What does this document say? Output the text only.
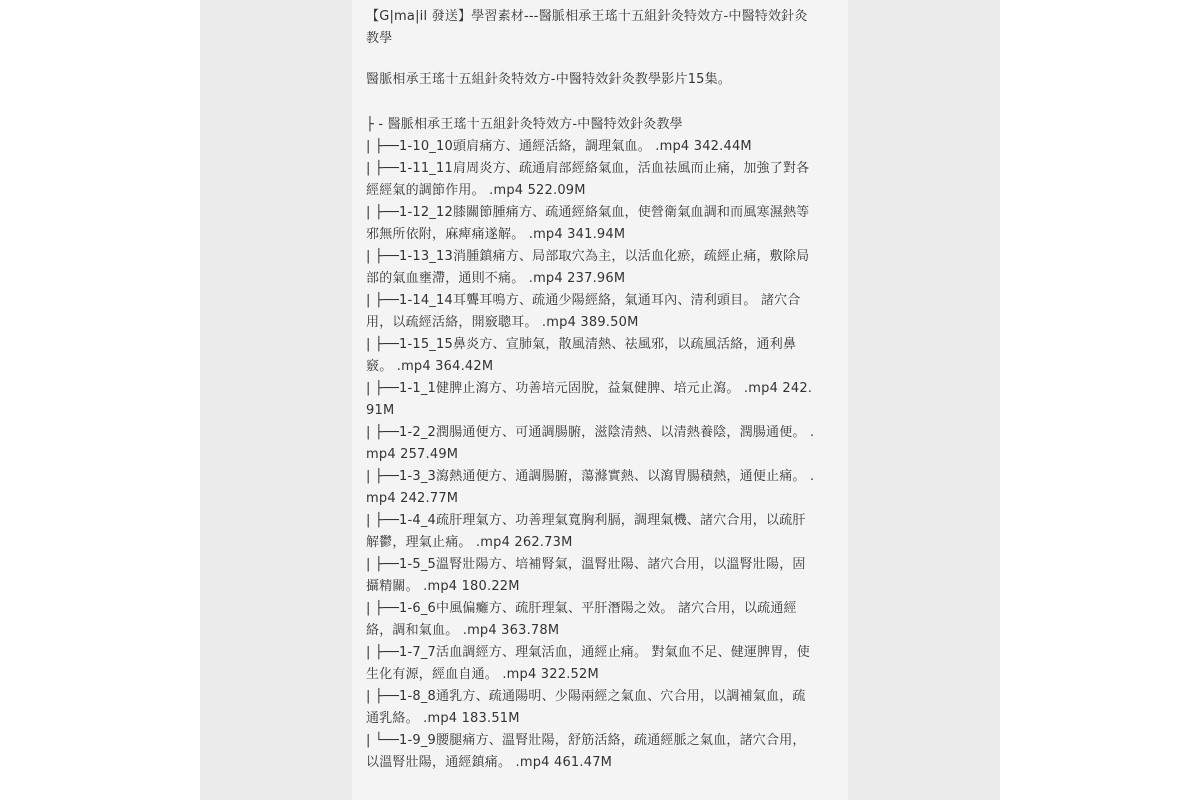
【G|ma|il 發送】學習素材---醫脈相承王瑤十五組針灸特效方-中醫特效針灸教學

醫脈相承王瑤十五組針灸特效方-中醫特效針灸教學影片15集。

├ - 醫脈相承王瑤十五組針灸特效方-中醫特效針灸教學
| ├──1-10_10頭肩痛方、通經活絡，調理氣血。 .mp4 342.44M
| ├──1-11_11肩周炎方、疏通肩部經絡氣血，活血祛風而止痛，加強了對各經經氣的調節作用。 .mp4 522.09M
| ├──1-12_12膝關節腫痛方、疏通經絡氣血，使營衛氣血調和而風寒濕熱等邪無所依附，麻痺痛遂解。 .mp4 341.94M
| ├──1-13_13消腫鎮痛方、局部取穴為主，以活血化瘀，疏經止痛，敷除局部的氣血壅滯，通則不痛。 .mp4 237.96M
| ├──1-14_14耳聾耳鳴方、疏通少陽經絡，氣通耳內、清利頭目。 諸穴合用，以疏經活絡，開竅聰耳。 .mp4 389.50M
| ├──1-15_15鼻炎方、宣肺氣，散風清熱、祛風邪，以疏風活絡，通利鼻竅。 .mp4 364.42M
| ├──1-1_1健脾止瀉方、功善培元固脫，益氣健脾、培元止瀉。 .mp4 242.91M
| ├──1-2_2潤腸通便方、可通調腸腑，滋陰清熱、以清熱養陰，潤腸通便。 .mp4 257.49M
| ├──1-3_3瀉熱通便方、通調腸腑，蕩滌實熱、以瀉胃腸積熱，通便止痛。 .mp4 242.77M
| ├──1-4_4疏肝理氣方、功善理氣寬胸利膈，調理氣機、諸穴合用，以疏肝解鬱，理氣止痛。 .mp4 262.73M
| ├──1-5_5溫腎壯陽方、培補腎氣，溫腎壯陽、諸穴合用，以溫腎壯陽，固攝精關。 .mp4 180.22M
| ├──1-6_6中風偏癱方、疏肝理氣、平肝潛陽之效。 諸穴合用，以疏通經絡，調和氣血。 .mp4 363.78M
| ├──1-7_7活血調經方、理氣活血，通經止痛。 對氣血不足、健運脾胃，使生化有源，經血自通。 .mp4 322.52M
| ├──1-8_8通乳方、疏通陽明、少陽兩經之氣血、穴合用，以調補氣血，疏通乳絡。 .mp4 183.51M
| └──1-9_9腰腿痛方、溫腎壯陽，舒筋活絡，疏通經脈之氣血，諸穴合用，以溫腎壯陽，通經鎮痛。 .mp4 461.47M
